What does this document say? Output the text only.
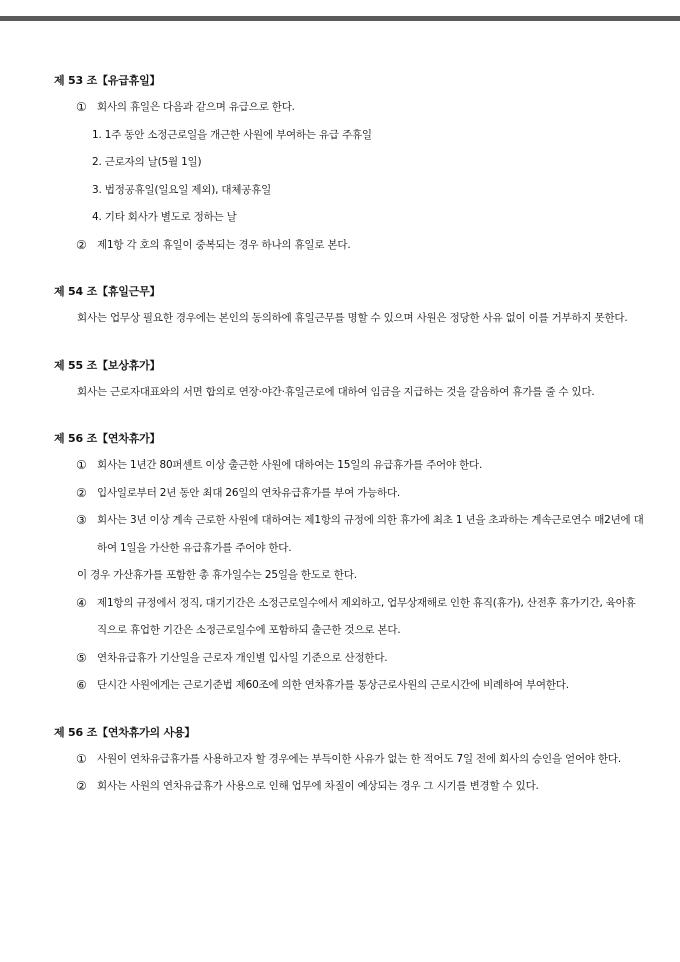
제 53 조【유급휴일】
① 회사의 휴일은 다음과 같으며 유급으로 한다.
1. 1주 동안 소정근로일을 개근한 사원에 부여하는 유급 주휴일
2. 근로자의 날(5월 1일)
3. 법정공휴일(일요일 제외), 대체공휴일
4. 기타 회사가 별도로 정하는 날
② 제1항 각 호의 휴일이 중복되는 경우 하나의 휴일로 본다.
제 54 조【휴일근무】
회사는 업무상 필요한 경우에는 본인의 동의하에 휴일근무를 명할 수 있으며 사원은 정당한 사유 없이 이를 거부하지 못한다.
제 55 조【보상휴가】
회사는 근로자대표와의 서면 합의로 연장·야간·휴일근로에 대하여 임금을 지급하는 것을 갈음하여 휴가를 줄 수 있다.
제 56 조【연차휴가】
① 회사는 1년간 80퍼센트 이상 출근한 사원에 대하여는 15일의 유급휴가를 주어야 한다.
② 입사일로부터 2년 동안 최대 26일의 연차유급휴가를 부여 가능하다.
③ 회사는 3년 이상 계속 근로한 사원에 대하여는 제1항의 규정에 의한 휴가에 최초 1 년을 초과하는 계속근로연수 매2년에 대하여 1일을 가산한 유급휴가를 주어야 한다.
이 경우 가산휴가를 포함한 총 휴가일수는 25일을 한도로 한다.
④ 제1항의 규정에서 정직, 대기기간은 소정근로일수에서 제외하고, 업무상재해로 인한 휴직(휴가), 산전후 휴가기간, 육아휴직으로 휴업한 기간은 소정근로일수에 포함하되 출근한 것으로 본다.
⑤ 연차유급휴가 기산일을 근로자 개인별 입사일 기준으로 산정한다.
⑥ 단시간 사원에게는 근로기준법 제60조에 의한 연차휴가를 통상근로사원의 근로시간에 비례하여 부여한다.
제 56 조【연차휴가의 사용】
① 사원이 연차유급휴가를 사용하고자 할 경우에는 부득이한 사유가 없는 한 적어도 7일 전에 회사의 승인을 얻어야 한다.
② 회사는 사원의 연차유급휴가 사용으로 인해 업무에 차질이 예상되는 경우 그 시기를 변경할 수 있다.
